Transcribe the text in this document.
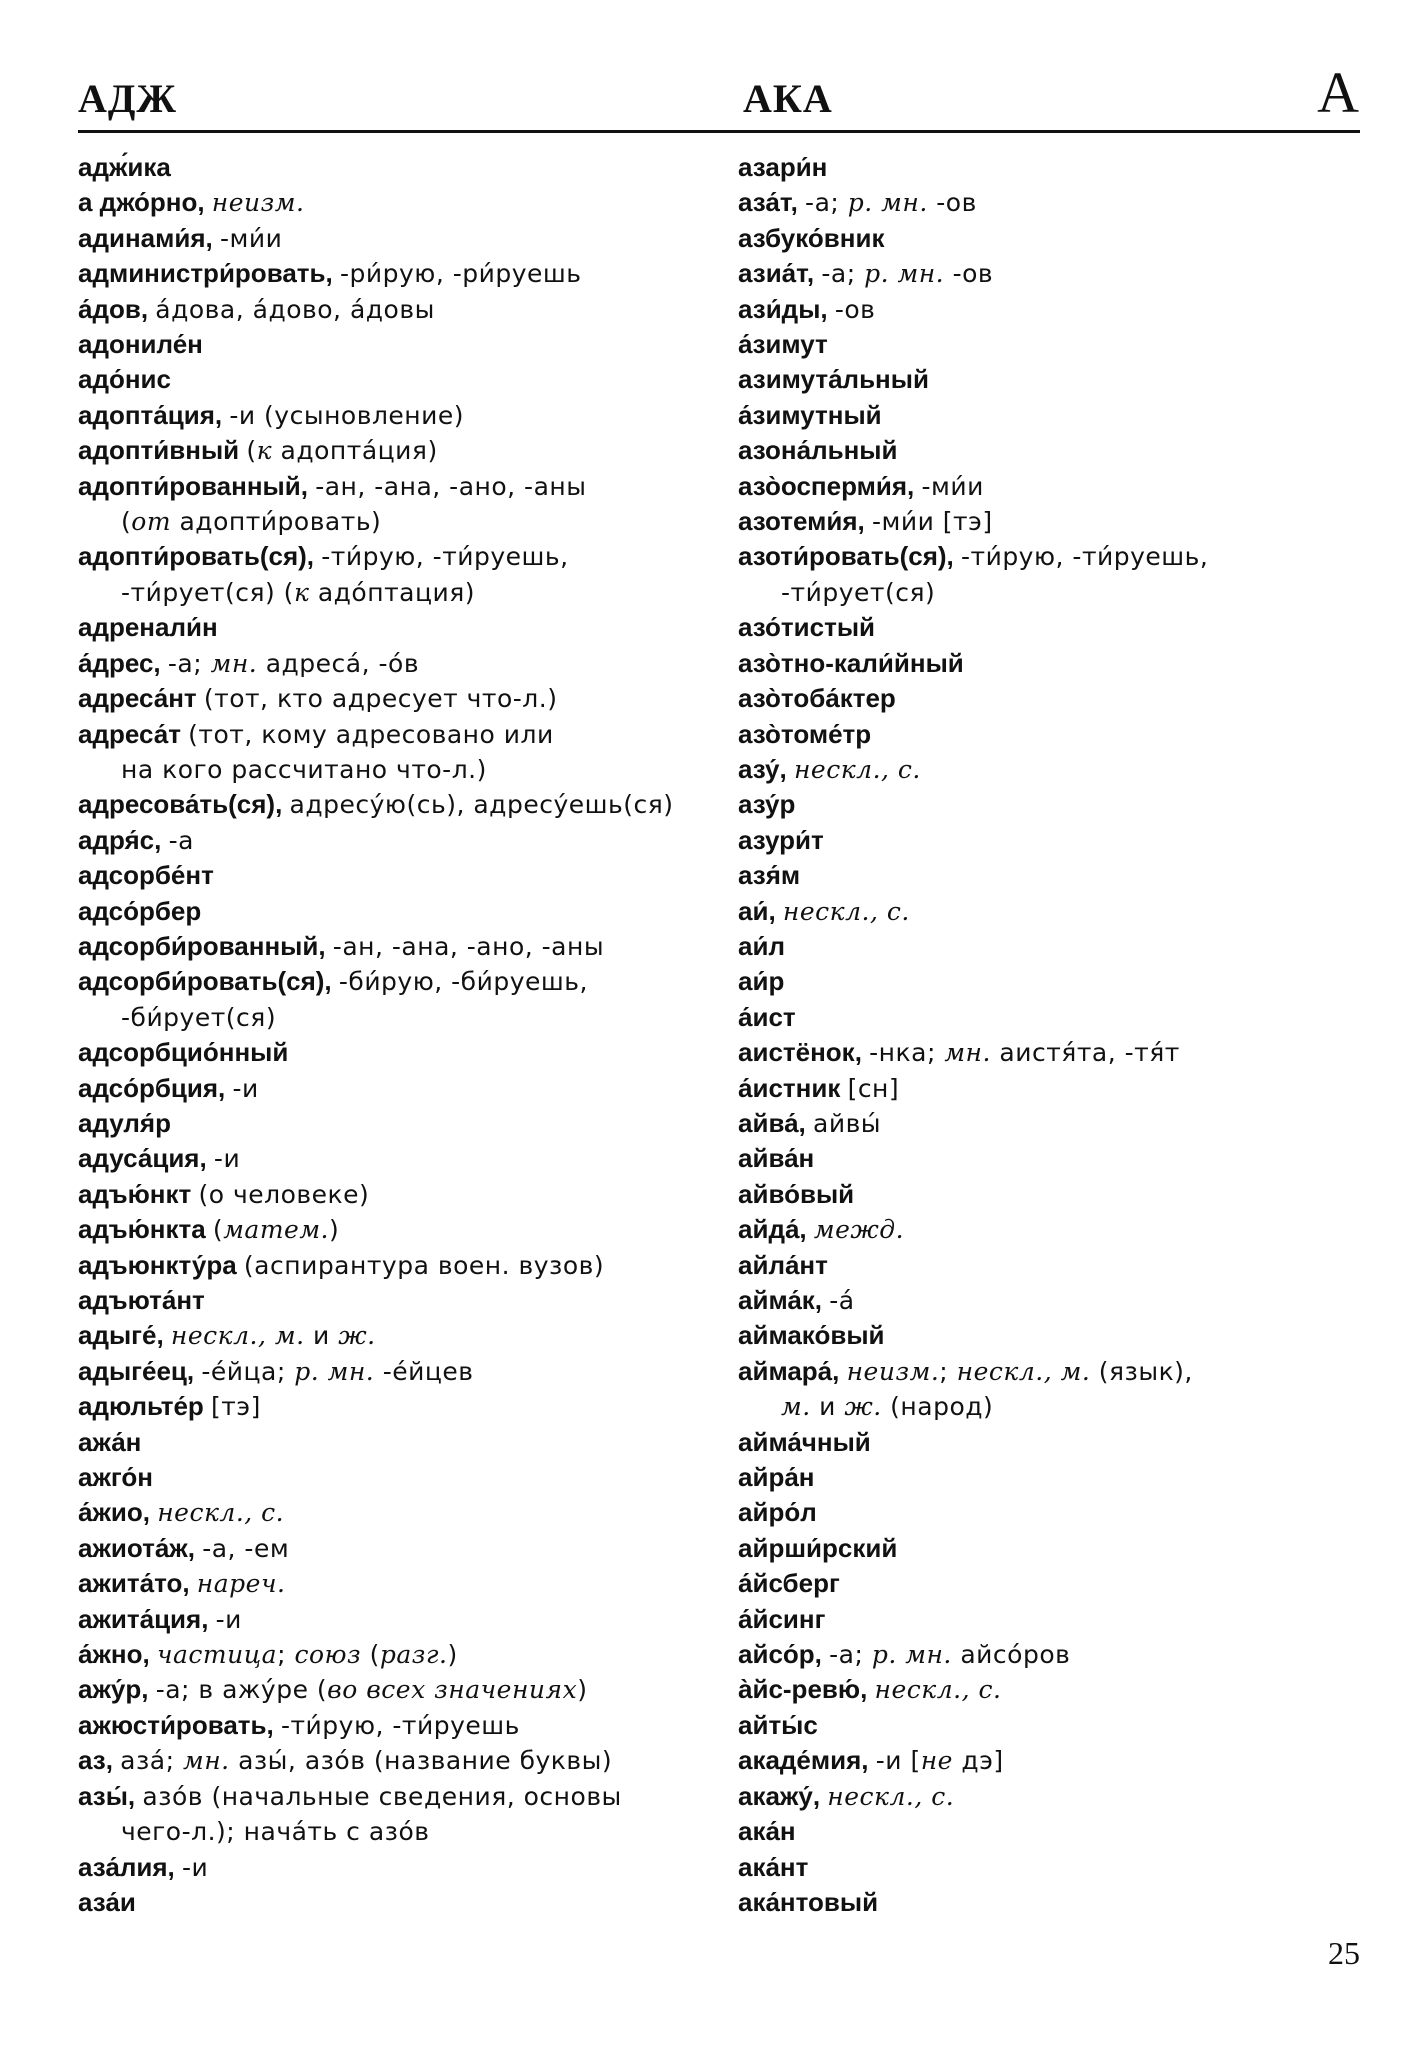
АДЖ	АКА	А
адж́ика
а джо́рно, неизм.
адинами́я, -ми́и
администри́ровать, -ри́рую, -ри́руешь
а́дов, а́дова, а́дово, а́довы
адониле́н
адо́нис
адопта́ция, -и (усыновление)
адопти́вный (к адопта́ция)
адопти́рованный, -ан, -ана, -ано, -аны
(от адопти́ровать)
адопти́ровать(ся), -ти́рую, -ти́руешь,
-ти́рует(ся) (к адо́птация)
адренали́н
а́дрес, -а; мн. адреса́, -о́в
адреса́нт (тот, кто адресует что-л.)
адреса́т (тот, кому адресовано или
на кого рассчитано что-л.)
адресова́ть(ся), адресу́ю(сь), адресу́ешь(ся)
адря́с, -а
адсорбе́нт
адсо́рбер
адсорби́рованный, -ан, -ана, -ано, -аны
адсорби́ровать(ся), -би́рую, -би́руешь,
-би́рует(ся)
адсорбцио́нный
адсо́рбция, -и
адуля́р
адуса́ция, -и
адъю́нкт (о человеке)
адъю́нкта (матем.)
адъюнкту́ра (аспирантура воен. вузов)
адъюта́нт
адыге́, нескл., м. и ж.
адыге́ец, -е́йца; р. мн. -е́йцев
адюльте́р [тэ]
ажа́н
ажго́н
а́жио, нескл., с.
ажиота́ж, -а, -ем
ажита́то, нареч.
ажита́ция, -и
а́жно, частица; союз (разг.)
ажу́р, -а; в ажу́ре (во всех значениях)
ажюсти́ровать, -ти́рую, -ти́руешь
аз, аза́; мн. азы́, азо́в (название буквы)
азы́, азо́в (начальные сведения, основы
чего-л.); нача́ть с азо́в
аза́лия, -и
аза́и
азари́н
аза́т, -а; р. мн. -ов
азбуко́вник
азиа́т, -а; р. мн. -ов
ази́ды, -ов
а́зимут
азимута́льный
а́зимутный
азона́льный
азо̀осперми́я, -ми́и
азотеми́я, -ми́и [тэ]
азоти́ровать(ся), -ти́рую, -ти́руешь,
-ти́рует(ся)
азо́тистый
азо̀тно-кали́йный
азо̀тоба́ктер
азо̀томе́тр
азу́, нескл., с.
азу́р
азури́т
азя́м
аи́, нескл., с.
аи́л
аи́р
а́ист
аистёнок, -нка; мн. аистя́та, -тя́т
а́истник [сн]
айва́, айвы́
айва́н
айво́вый
айда́, межд.
айла́нт
айма́к, -а́
аймако́вый
аймара́, неизм.; нескл., м. (язык),
м. и ж. (народ)
айма́чный
айра́н
айро́л
айрши́рский
а́йсберг
а́йсинг
айсо́р, -а; р. мн. айсо́ров
а̀йс-ревю́, нескл., с.
айты́с
акаде́мия, -и [не дэ]
акажу́, нескл., с.
ака́н
ака́нт
ака́нтовый
25
